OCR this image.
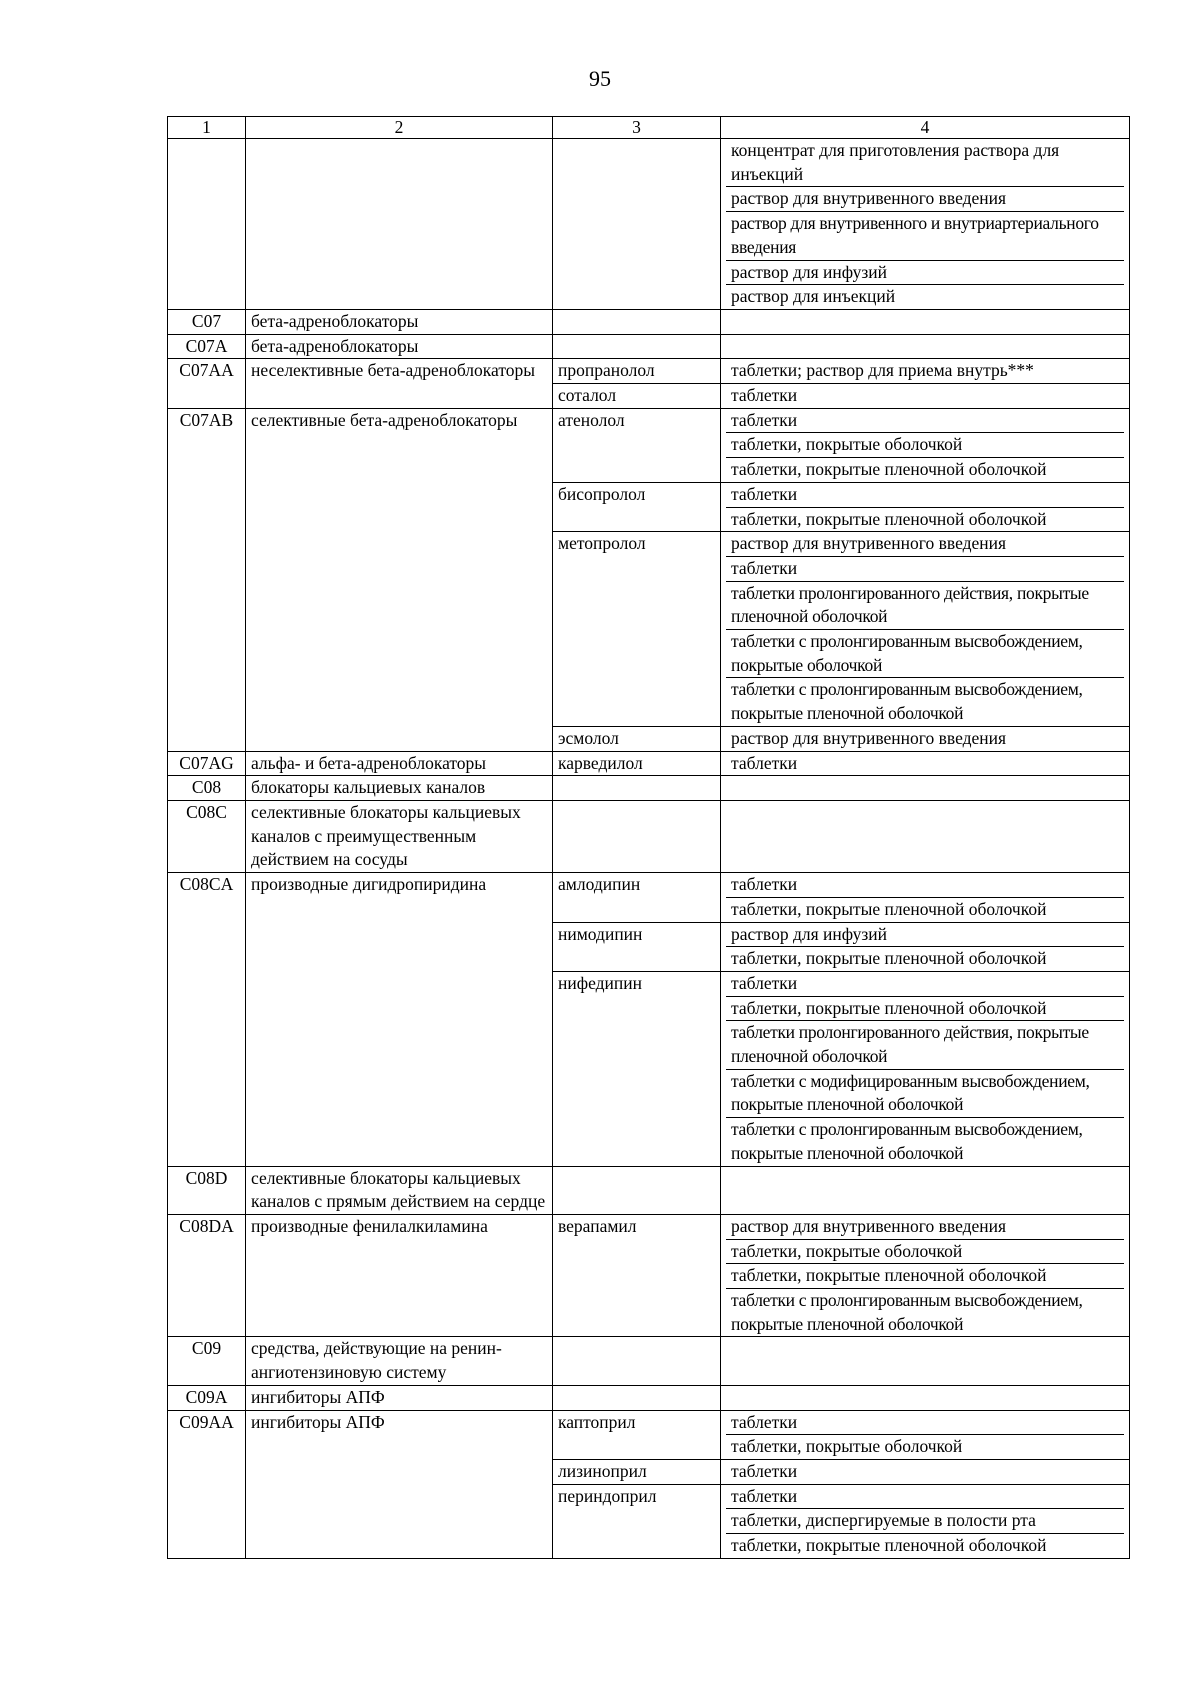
95
1	2	3	4

			концентрат для приготовления раствора для инъекций
раствор для внутривенного введения
раствор для внутривенного и внутриартериального введения
раствор для инфузий
раствор для инъекций

C07	бета-адреноблокаторы		

C07A	бета-адреноблокаторы		

C07AA	неселективные бета-адреноблокаторы	пропранолол	таблетки; раствор для приема внутрь***

		соталол	таблетки

C07AB	селективные бета-адреноблокаторы	атенолол	таблетки
таблетки, покрытые оболочкой
таблетки, покрытые пленочной оболочкой

		бисопролол	таблетки
таблетки, покрытые пленочной оболочкой

		метопролол	раствор для внутривенного введения
таблетки
таблетки пролонгированного действия, покрытые пленочной оболочкой
таблетки с пролонгированным высвобождением, покрытые оболочкой
таблетки с пролонгированным высвобождением, покрытые пленочной оболочкой

		эсмолол	раствор для внутривенного введения

C07AG	альфа- и бета-адреноблокаторы	карведилол	таблетки

C08	блокаторы кальциевых каналов		

C08C	селективные блокаторы кальциевых каналов с преимущественным действием на сосуды		

C08CA	производные дигидропиридина	амлодипин	таблетки
таблетки, покрытые пленочной оболочкой

		нимодипин	раствор для инфузий
таблетки, покрытые пленочной оболочкой

		нифедипин	таблетки
таблетки, покрытые пленочной оболочкой
таблетки пролонгированного действия, покрытые пленочной оболочкой
таблетки с модифицированным высвобождением, покрытые пленочной оболочкой
таблетки с пролонгированным высвобождением, покрытые пленочной оболочкой

C08D	селективные блокаторы кальциевых каналов с прямым действием на сердце		

C08DA	производные фенилалкиламина	верапамил	раствор для внутривенного введения
таблетки, покрытые оболочкой
таблетки, покрытые пленочной оболочкой
таблетки с пролонгированным высвобождением, покрытые пленочной оболочкой

C09	средства, действующие на ренин-ангиотензиновую систему		

C09A	ингибиторы АПФ		

C09AA	ингибиторы АПФ	каптоприл	таблетки
таблетки, покрытые оболочкой

		лизиноприл	таблетки

		периндоприл	таблетки
таблетки, диспергируемые в полости рта
таблетки, покрытые пленочной оболочкой
